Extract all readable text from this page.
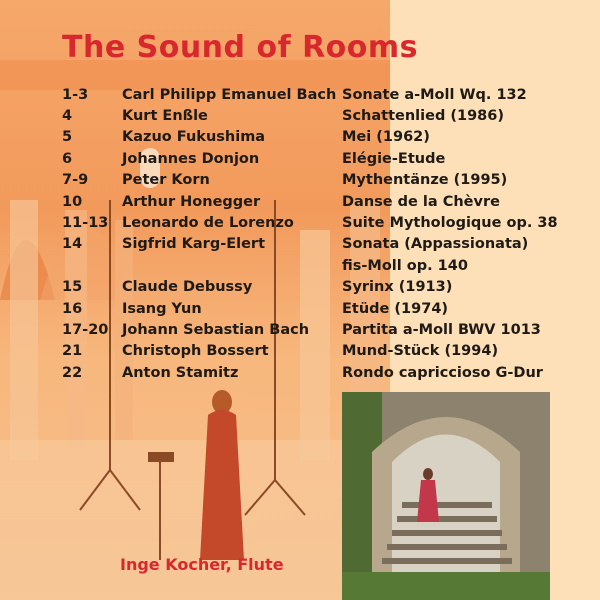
The Sound of Rooms
1-3	Carl Philipp Emanuel Bach	Sonate a-Moll Wq. 132
4	Kurt Enßle	Schattenlied (1986)
5	Kazuo Fukushima	Mei (1962)
6	Johannes Donjon	Elégie-Etude
7-9	Peter Korn	Mythentänze (1995)
10	Arthur Honegger	Danse de la Chèvre
11-13	Leonardo de Lorenzo	Suite Mythologique op. 38
14	Sigfrid Karg-Elert	Sonata (Appassionata)
		fis-Moll op. 140
15	Claude Debussy	Syrinx (1913)
16	Isang Yun	Etüde (1974)
17-20	Johann Sebastian Bach	Partita a-Moll BWV 1013
21	Christoph Bossert	Mund-Stück (1994)
22	Anton Stamitz	Rondo capriccioso G-Dur
Inge Kocher, Flute
